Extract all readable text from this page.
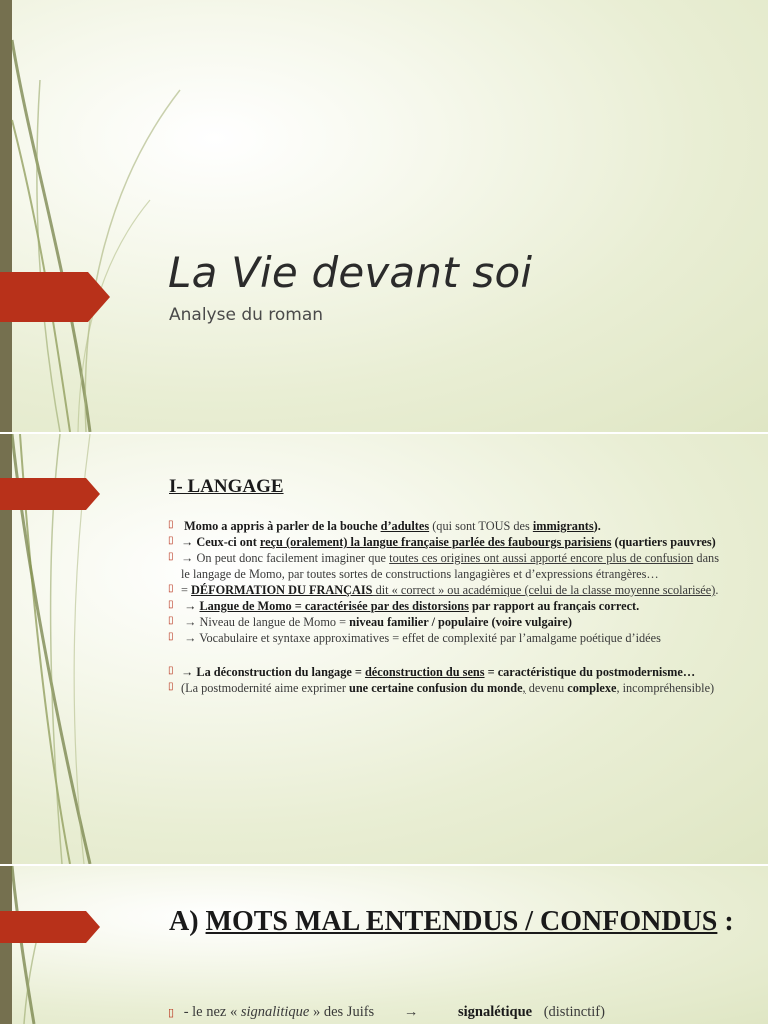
La Vie devant soi
Analyse du roman
I- LANGAGE
▯ Momo a appris à parler de la bouche d’adultes (qui sont TOUS des immigrants).
▯ → Ceux-ci ont reçu (oralement) la langue française parlée des faubourgs parisiens (quartiers pauvres)
▯ → On peut donc facilement imaginer que toutes ces origines ont aussi apporté encore plus de confusion dans le langage de Momo, par toutes sortes de constructions langagières et d’expressions étrangères…
▯ = DÉFORMATION DU FRANÇAIS dit « correct » ou académique (celui de la classe moyenne scolarisée).
▯ → Langue de Momo = caractérisée par des distorsions par rapport au français correct.
▯ → Niveau de langue de Momo = niveau familier / populaire (voire vulgaire)
▯ → Vocabulaire et syntaxe approximatives = effet de complexité par l’amalgame poétique d’idées
▯ → La déconstruction du langage = déconstruction du sens = caractéristique du postmodernisme…
▯ (La postmodernité aime exprimer une certaine confusion du monde, devenu complexe, incompréhensible)
A) MOTS MAL ENTENDUS / CONFONDUS :
▯ - le nez « signalitique » des Juifs →	signalétique (distinctif)
